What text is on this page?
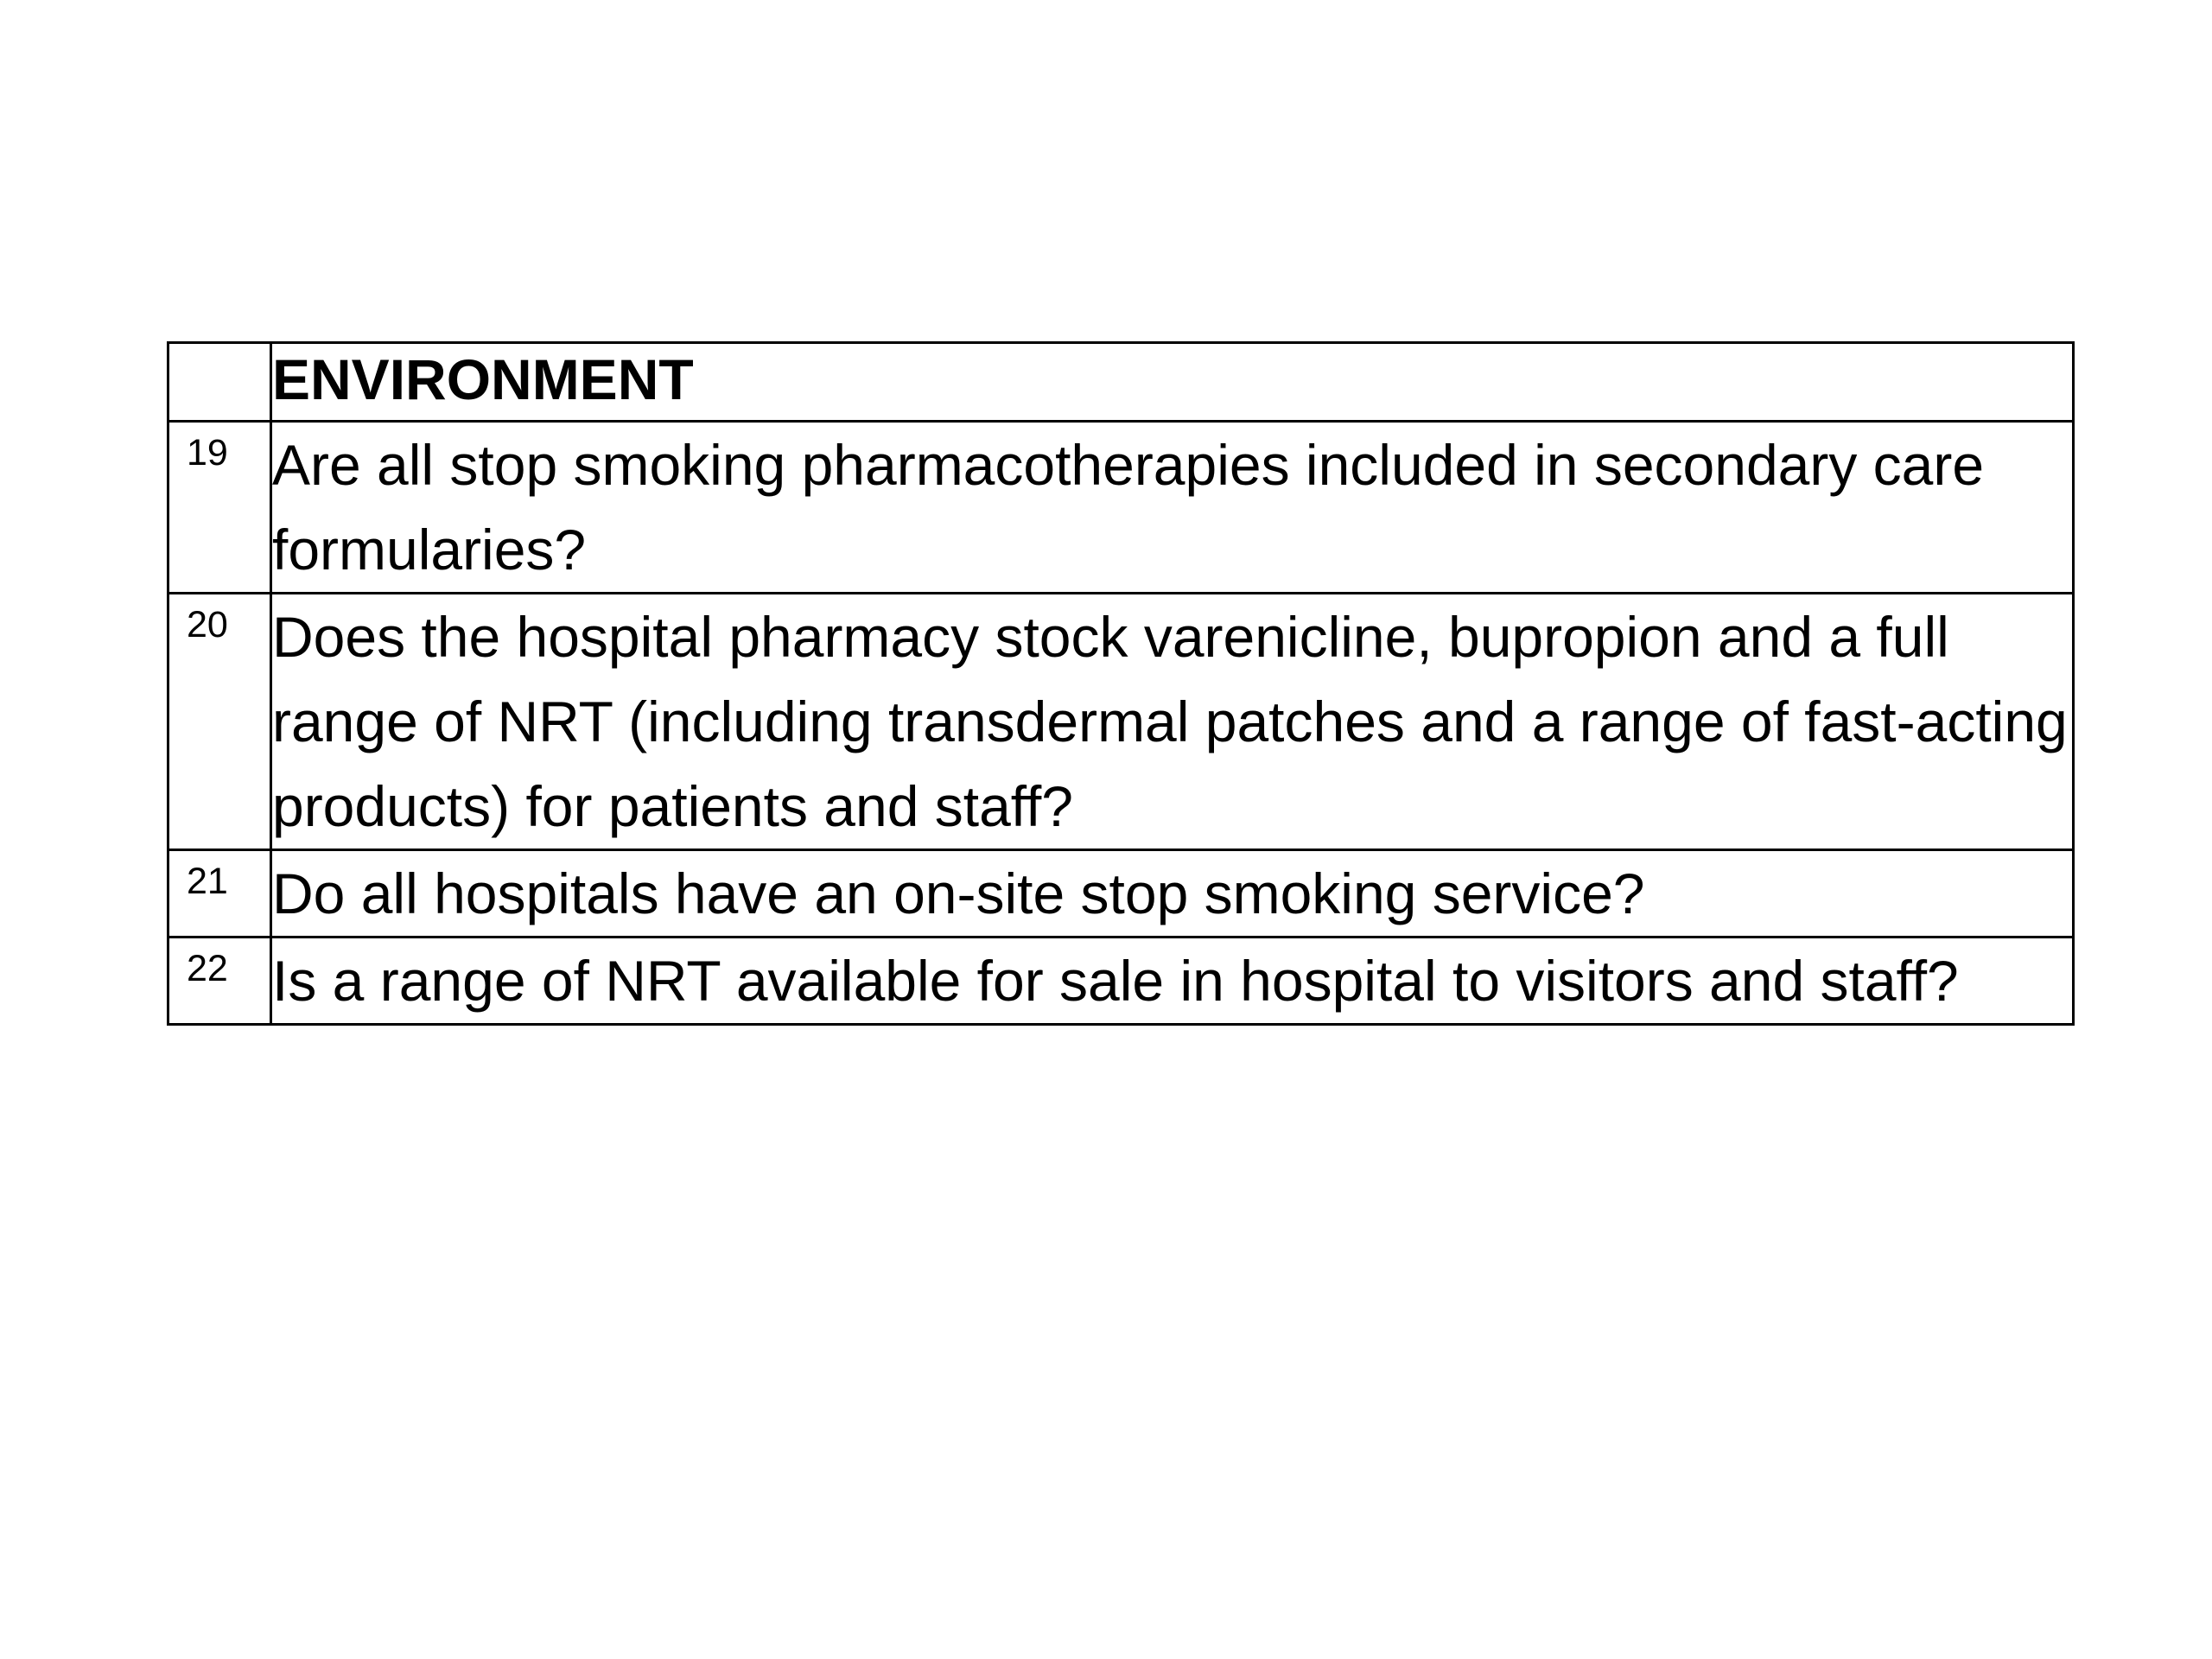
	ENVIRONMENT

19	Are all stop smoking pharmacotherapies included in secondary care formularies?

20	Does the hospital pharmacy stock varenicline, bupropion and a full range of NRT (including transdermal patches and a range of fast-acting products) for patients and staff?

21	Do all hospitals have an on-site stop smoking service?

22	Is a range of NRT available for sale in hospital to visitors and staff?
